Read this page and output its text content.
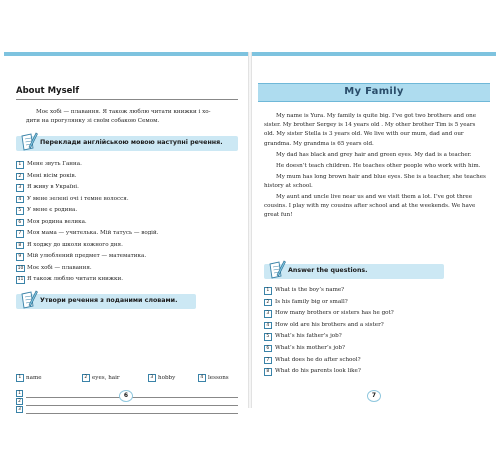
About Myself
Моє хобі — плавання. Я також люблю читати книжки і хо-
дити на прогулянку зі своїм собакою Семом.
Переклади англійською мовою наступні речення.
1	Мене звуть Ганна.
2	Мені вісім років.
3	Я живу в Україні.
4	У мене зелені очі і темне волосся.
5	У мене є родина.
6	Моя родина велика.
7	Моя мама — учителька. Мій татусь — водій.
8	Я ходжу до школи кожного дня.
9	Мій улюблений предмет — математика.
10 Моє хобі — плавання.
11 Я також люблю читати книжки.
Утвори речення з поданими словами.
1 name	2 eyes, hair	3 hobby	4 lessons
1
2
3
6
My Family

My name is Yura. My family is quite big. I’ve got two brothers and one sister. My brother Sergey is 14 years old . My other brother Tim is 5 years old. My sister Stella is 3 years old. We live with our mum, dad and our grandma. My grandma is 65 years old.

My dad has black and grey hair and green eyes. My dad is a teacher.

He doesn’t teach children. He teaches other people who work with him.

My mum has long brown hair and blue eyes. She is a teacher, she teaches history at school.

My aunt and uncle live near us and we visit them a lot. I’ve got three cousins. I play with my cousins after school and at the weekends. We have great fun!

Answer the questions.
1	What is the boy’s name?
2	Is his family big or small?
3	How many brothers or sisters has he got?
4	How old are his brothers and a sister?
5	What’s his father’s job?
6	What’s his mother’s job?
7	What does he do after school?
8	What do his parents look like?
7
